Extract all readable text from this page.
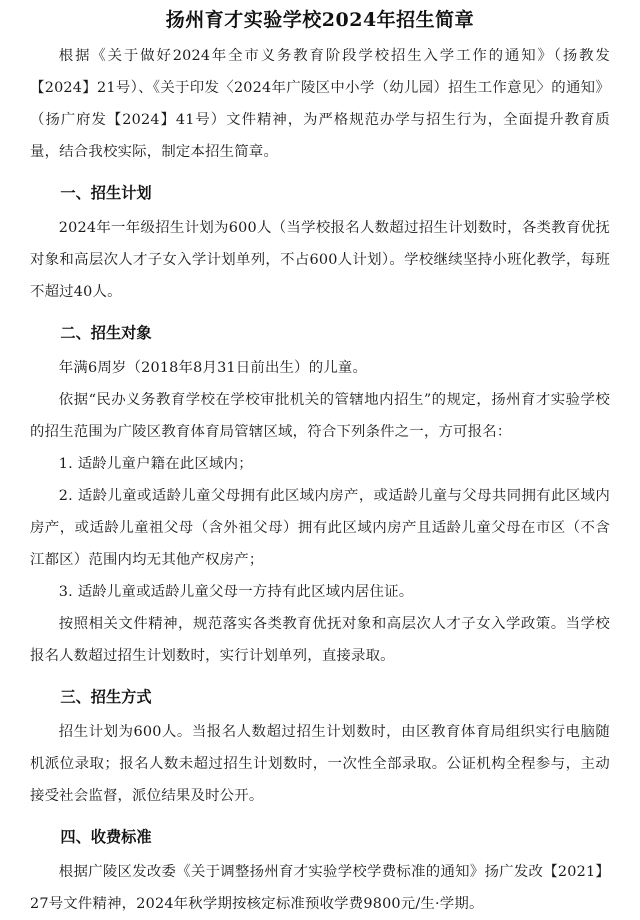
扬州育才实验学校2024年招生简章

根据《关于做好2024年全市义务教育阶段学校招生入学工作的通知》（扬教发【2024】21号）、《关于印发〈2024年广陵区中小学（幼儿园）招生工作意见〉的通知》（扬广府发【2024】41号）文件精神，为严格规范办学与招生行为，全面提升教育质量，结合我校实际，制定本招生简章。

一、招生计划

2024年一年级招生计划为600人（当学校报名人数超过招生计划数时，各类教育优抚对象和高层次人才子女入学计划单列，不占600人计划）。学校继续坚持小班化教学，每班不超过40人。

二、招生对象

年满6周岁（2018年8月31日前出生）的儿童。

依据“民办义务教育学校在学校审批机关的管辖地内招生”的规定，扬州育才实验学校的招生范围为广陵区教育体育局管辖区域，符合下列条件之一，方可报名：

1. 适龄儿童户籍在此区域内；

2. 适龄儿童或适龄儿童父母拥有此区域内房产，或适龄儿童与父母共同拥有此区域内房产，或适龄儿童祖父母（含外祖父母）拥有此区域内房产且适龄儿童父母在市区（不含江都区）范围内均无其他产权房产；

3. 适龄儿童或适龄儿童父母一方持有此区域内居住证。

按照相关文件精神，规范落实各类教育优抚对象和高层次人才子女入学政策。当学校报名人数超过招生计划数时，实行计划单列，直接录取。

三、招生方式

招生计划为600人。当报名人数超过招生计划数时，由区教育体育局组织实行电脑随机派位录取；报名人数未超过招生计划数时，一次性全部录取。公证机构全程参与，主动接受社会监督，派位结果及时公开。

四、收费标准

根据广陵区发改委《关于调整扬州育才实验学校学费标准的通知》扬广发改【2021】27号文件精神，2024年秋学期按核定标准预收学费9800元/生·学期。
